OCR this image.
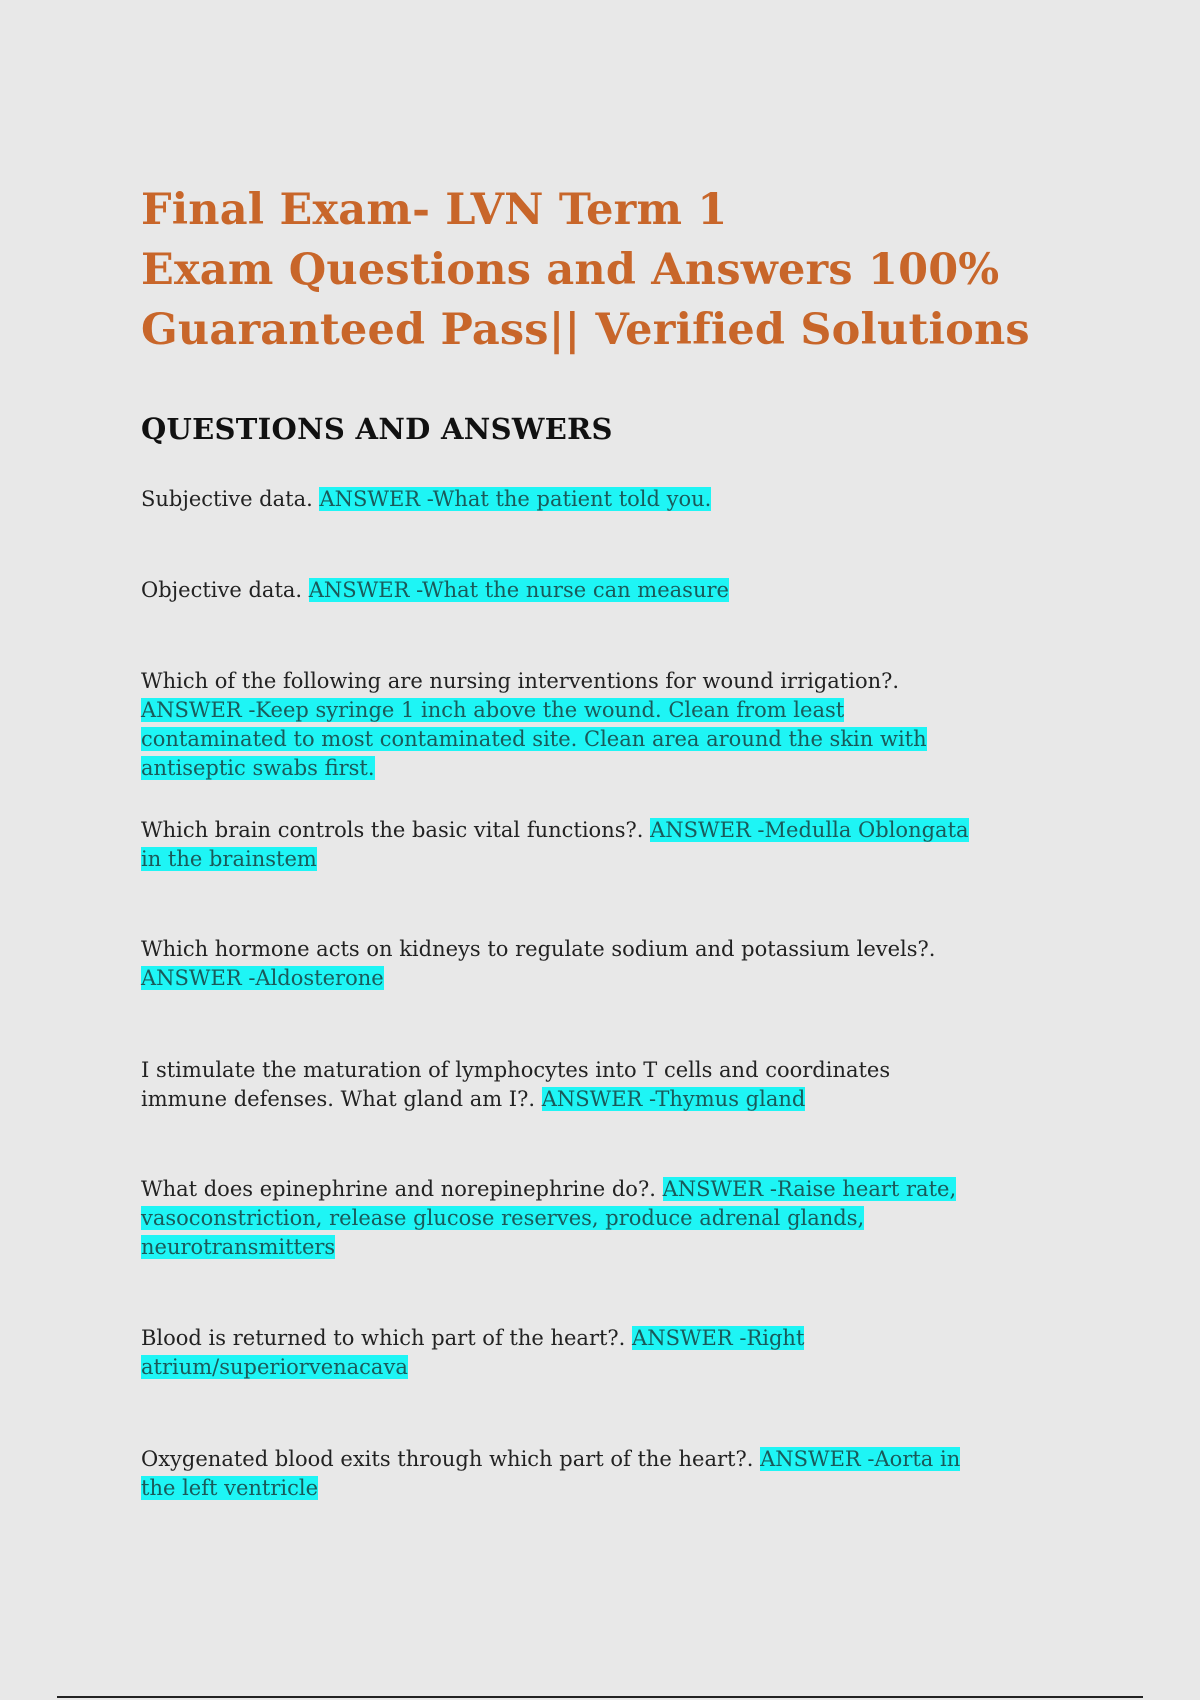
Final Exam- LVN Term 1
Exam Questions and Answers 100%
Guaranteed Pass|| Verified Solutions
QUESTIONS AND ANSWERS
Subjective data. ANSWER -What the patient told you.
Objective data. ANSWER -What the nurse can measure
Which of the following are nursing interventions for wound irrigation?. ANSWER -Keep syringe 1 inch above the wound. Clean from least contaminated to most contaminated site. Clean area around the skin with antiseptic swabs first.
Which brain controls the basic vital functions?. ANSWER -Medulla Oblongata in the brainstem
Which hormone acts on kidneys to regulate sodium and potassium levels?. ANSWER -Aldosterone
I stimulate the maturation of lymphocytes into T cells and coordinates immune defenses. What gland am I?. ANSWER -Thymus gland
What does epinephrine and norepinephrine do?. ANSWER -Raise heart rate, vasoconstriction, release glucose reserves, produce adrenal glands, neurotransmitters
Blood is returned to which part of the heart?. ANSWER -Right atrium/superiorvenacava
Oxygenated blood exits through which part of the heart?. ANSWER -Aorta in the left ventricle
